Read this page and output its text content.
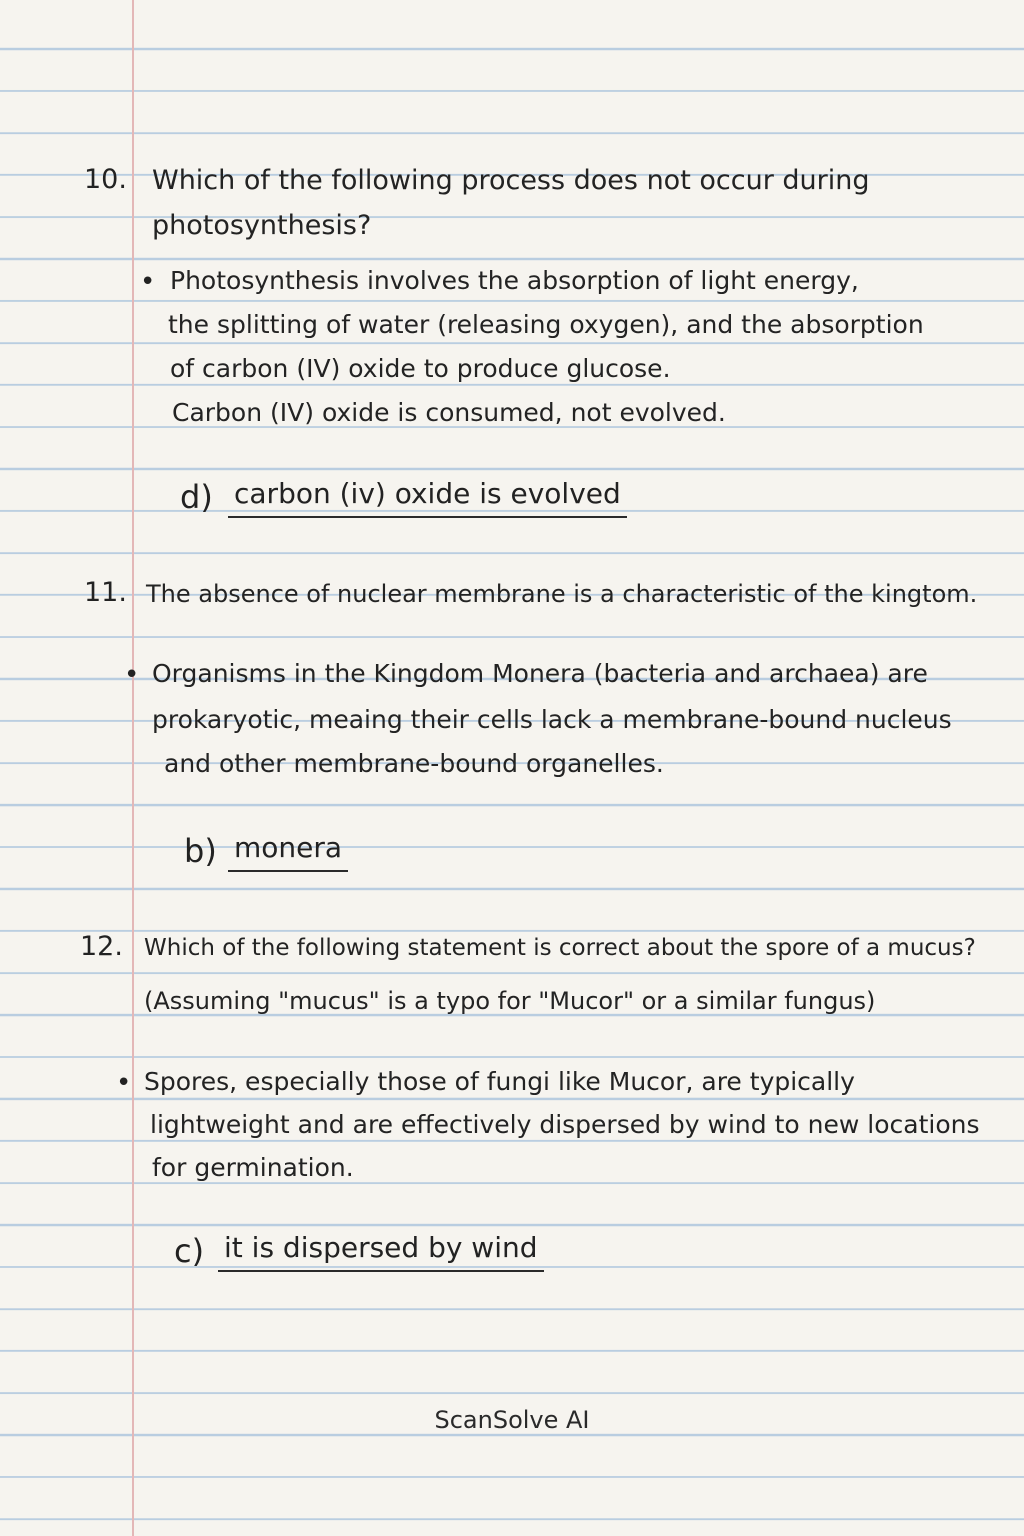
10. Which of the following process does not occur during
photosynthesis?
• Photosynthesis involves the absorption of light energy,
the splitting of water (releasing oxygen), and the absorption
of carbon (IV) oxide to produce glucose.
Carbon (IV) oxide is consumed, not evolved.
d) carbon (iv) oxide is evolved
11. The absence of nuclear membrane is a characteristic of the kingtom.
• Organisms in the Kingdom Monera (bacteria and archaea) are
prokaryotic, meaing their cells lack a membrane-bound nucleus
and other membrane-bound organelles.
b) monera
12. Which of the following statement is correct about the spore of a mucus?
(Assuming "mucus" is a typo for "Mucor" or a similar fungus)
• Spores, especially those of fungi like Mucor, are typically
lightweight and are effectively dispersed by wind to new locations
for germination.
c) it is dispersed by wind
ScanSolve AI
